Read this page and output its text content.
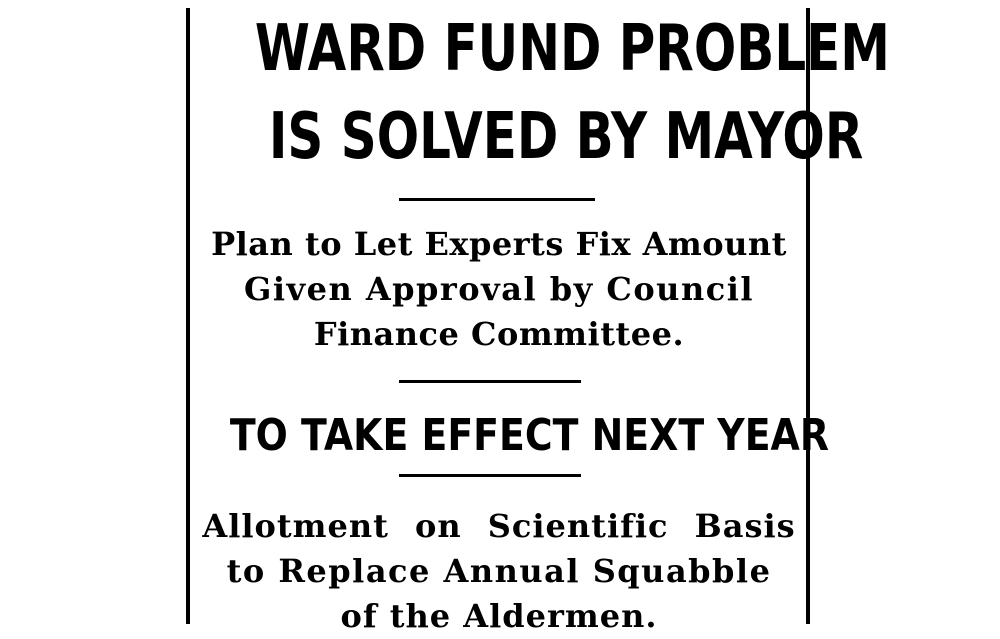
WARD FUND PROBLEM
IS SOLVED BY MAYOR
Plan to Let Experts Fix Amount
Given Approval by Council
Finance Committee.
TO TAKE EFFECT NEXT YEAR
Allotment on Scientific Basis
to Replace Annual Squabble
of the Aldermen.
